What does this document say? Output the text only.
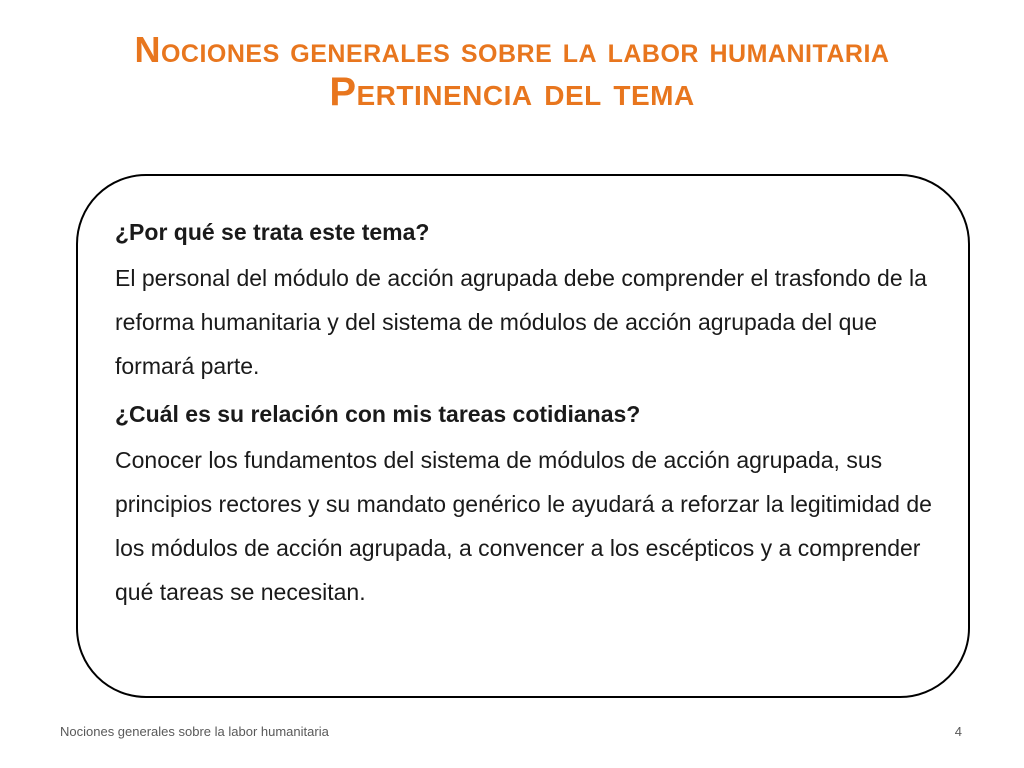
Nociones generales sobre la labor humanitaria
Pertinencia del tema

¿Por qué se trata este tema?

El personal del módulo de acción agrupada debe comprender el trasfondo de la reforma humanitaria y del sistema de módulos de acción agrupada del que formará parte.

¿Cuál es su relación con mis tareas cotidianas?

Conocer los fundamentos del sistema de módulos de acción agrupada, sus principios rectores y su mandato genérico le ayudará a reforzar la legitimidad de los módulos de acción agrupada, a convencer a los escépticos y a comprender qué tareas se necesitan.

Nociones generales sobre la labor humanitaria	4
